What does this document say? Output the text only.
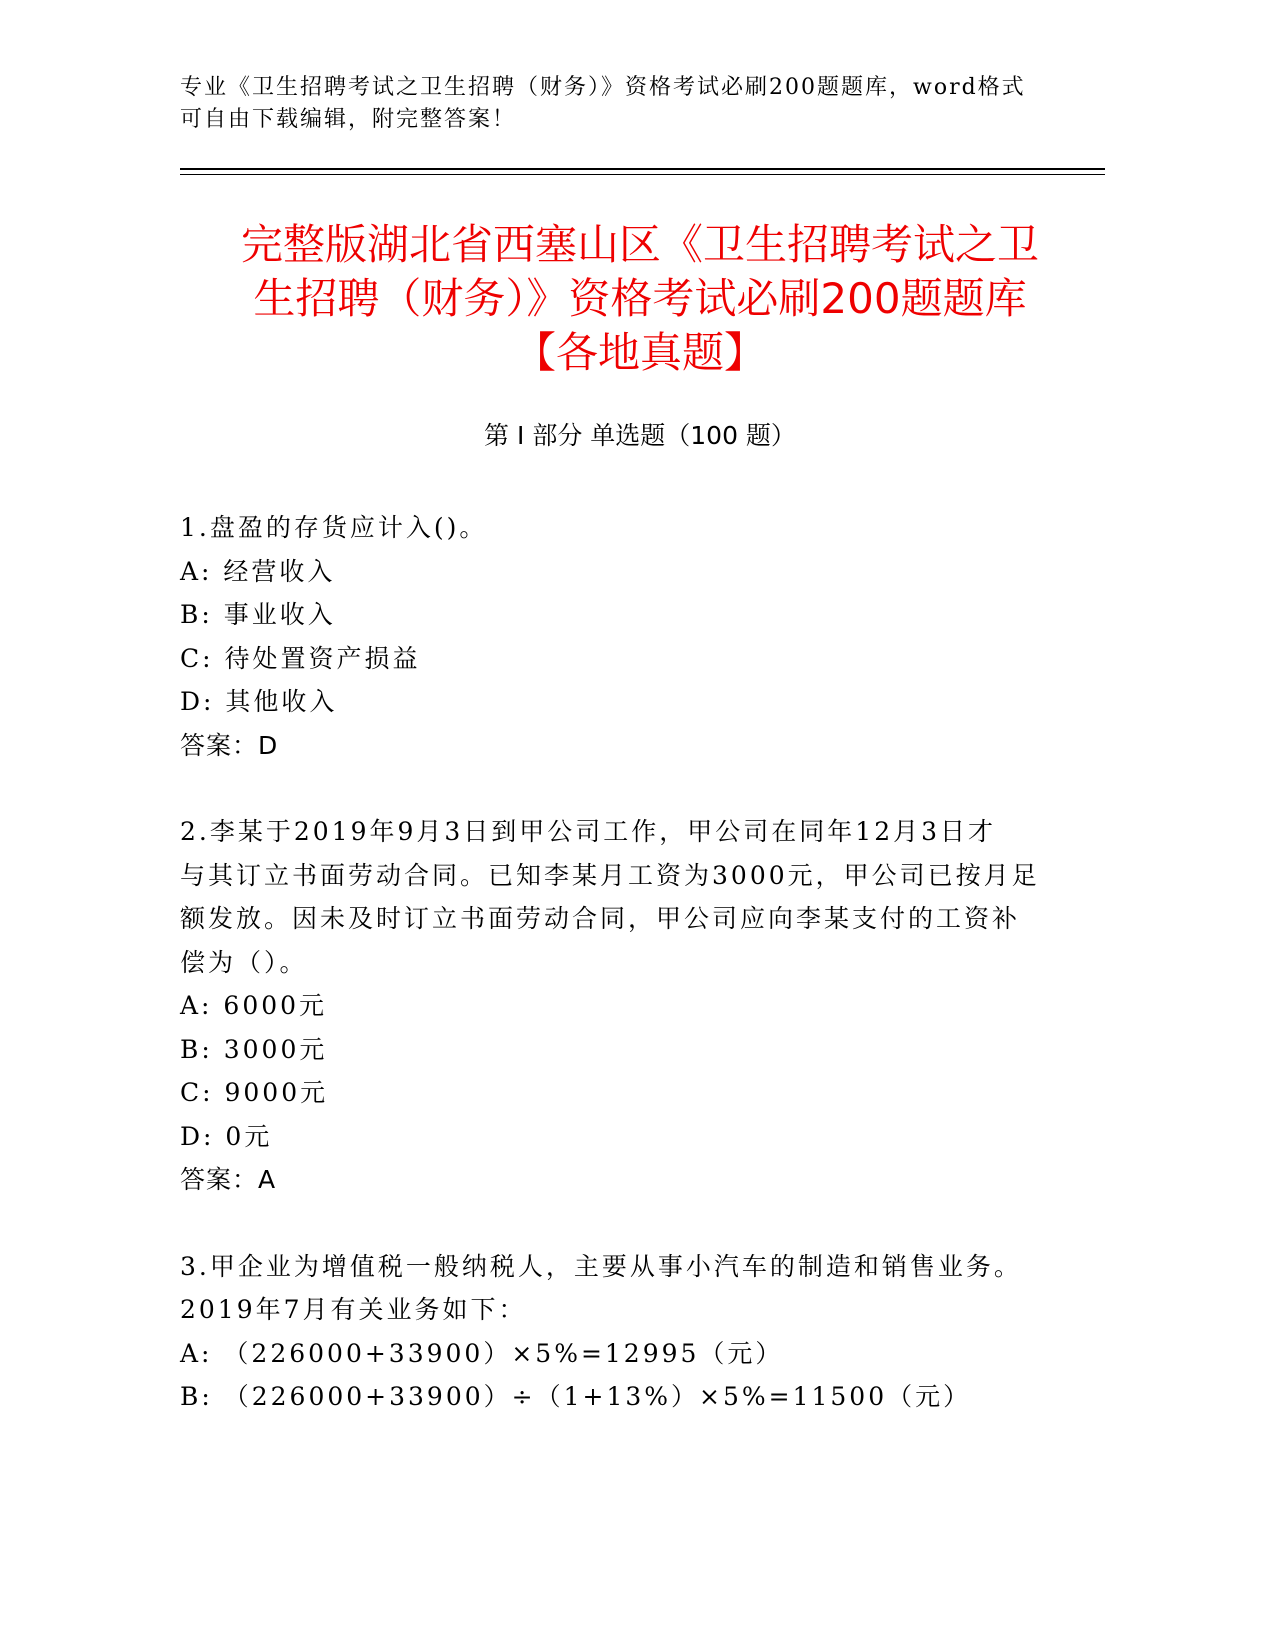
专业《卫生招聘考试之卫生招聘（财务）》资格考试必刷200题题库，word格式
可自由下载编辑，附完整答案！
完整版湖北省西塞山区《卫生招聘考试之卫
生招聘（财务）》资格考试必刷200题题库
【各地真题】
第 I 部分 单选题（100 题）
1.盘盈的存货应计入()。
A: 经营收入
B: 事业收入
C: 待处置资产损益
D: 其他收入
答案：D
2.李某于2019年9月3日到甲公司工作，甲公司在同年12月3日才
与其订立书面劳动合同。已知李某月工资为3000元，甲公司已按月足
额发放。因未及时订立书面劳动合同，甲公司应向李某支付的工资补
偿为（）。
A: 6000元
B: 3000元
C: 9000元
D: 0元
答案：A
3.甲企业为增值税一般纳税人，主要从事小汽车的制造和销售业务。
2019年7月有关业务如下：
A: （226000+33900）×5%=12995（元）
B: （226000+33900）÷（1+13%）×5%=11500（元）
